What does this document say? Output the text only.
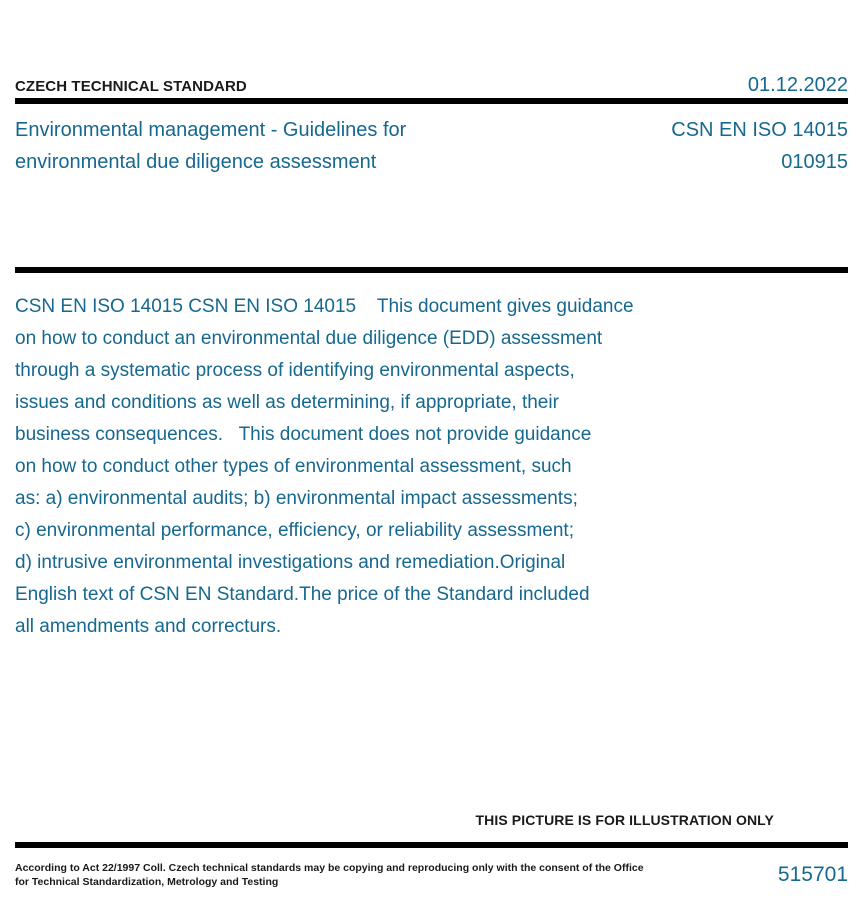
CZECH TECHNICAL STANDARD	01.12.2022
Environmental management - Guidelines for
environmental due diligence assessment
CSN EN ISO 14015
010915
CSN EN ISO 14015 CSN EN ISO 14015    This document gives guidance
on how to conduct an environmental due diligence (EDD) assessment
through a systematic process of identifying environmental aspects,
issues and conditions as well as determining, if appropriate, their
business consequences.   This document does not provide guidance
on how to conduct other types of environmental assessment, such
as: a) environmental audits; b) environmental impact assessments;
c) environmental performance, efficiency, or reliability assessment;
d) intrusive environmental investigations and remediation.Original
English text of CSN EN Standard.The price of the Standard included
all amendments and correcturs.
THIS PICTURE IS FOR ILLUSTRATION ONLY
According to Act 22/1997 Coll. Czech technical standards may be copying and reproducing only with the consent of the Office
for Technical Standardization, Metrology and Testing	515701
